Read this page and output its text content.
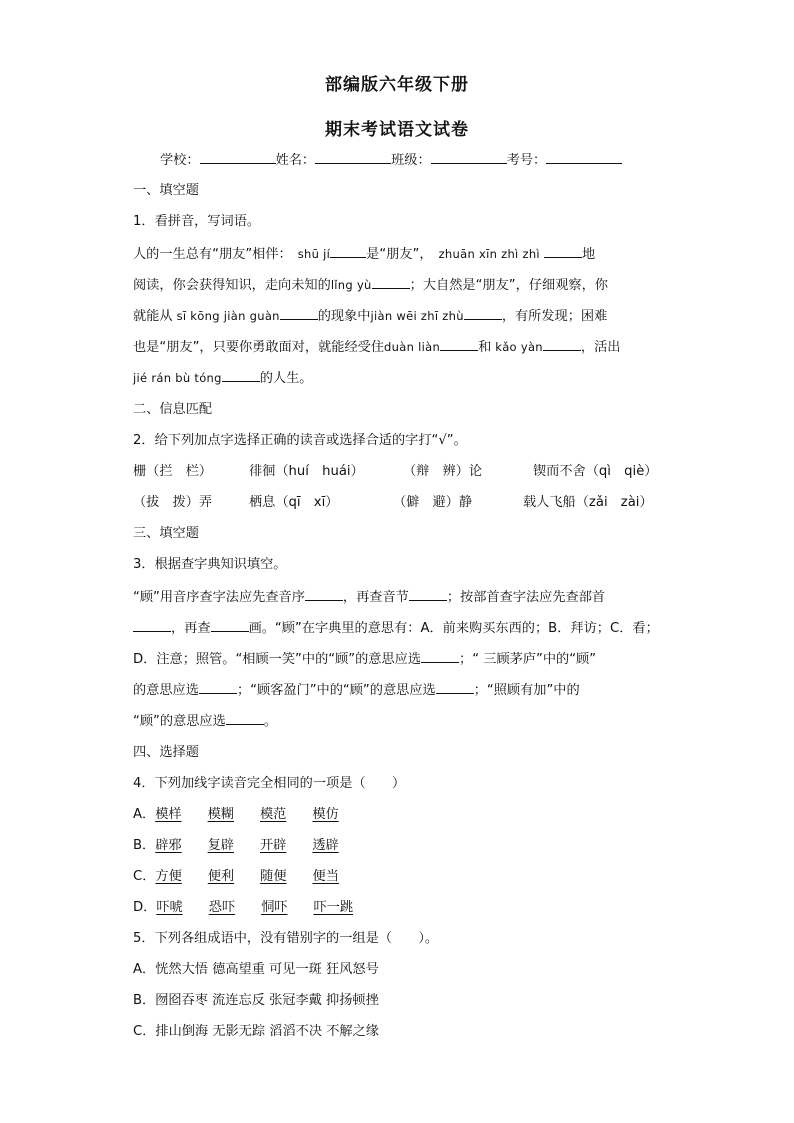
部编版六年级下册
期末考试语文试卷
学校：	姓名：	班级：	考号：
一、填空题
1．看拼音，写词语。
人的一生总有“朋友”相伴： shū jí	是“朋友”， zhuān xīn zhì zhì	地
阅读，你会获得知识，走向未知的lǐng yù	；大自然是“朋友”，仔细观察，你
就能从 sī kōng jiàn guàn	的现象中jiàn wēi zhī zhù	，有所发现；困难
也是“朋友”，只要你勇敢面对，就能经受住duàn liàn	和 kǎo yàn	，活出
jié rán bù tóng	的人生。
二、信息匹配
2．给下列加点字选择正确的读音或选择合适的字打“√”。
栅（拦　栏）	徘徊（huí　huái）	（辩　辨）论	锲而不舍（qì　qiè）
（拔　拨）弄	栖息（qī　xī）	（僻　避）静	载人飞船（zǎi　zài）
三、填空题
3．根据查字典知识填空。
“顾”用音序查字法应先查音序	，再查音节	；按部首查字法应先查部首
，再查	画。“顾”在字典里的意思有：A．前来购买东西的；B．拜访；C．看；
D．注意；照管。“相顾一笑”中的“顾”的意思应选	；“ 三顾茅庐”中的“顾”
的意思应选	；“顾客盈门”中的“顾”的意思应选	；“照顾有加”中的
“顾”的意思应选	。
四、选择题
4．下列加线字读音完全相同的一项是（　　）
A．模样 模糊 模范 模仿
B．辟邪 复辟 开辟 透辟
C．方便 便利 随便 便当
D．吓唬 恐吓 恫吓 吓一跳
5．下列各组成语中，没有错别字的一组是（　　）。
A．恍然大悟 德高望重 可见一斑 狂风怒号
B．囫囵吞枣 流连忘反 张冠李戴 抑扬顿挫
C．排山倒海 无影无踪 滔滔不决 不解之缘
